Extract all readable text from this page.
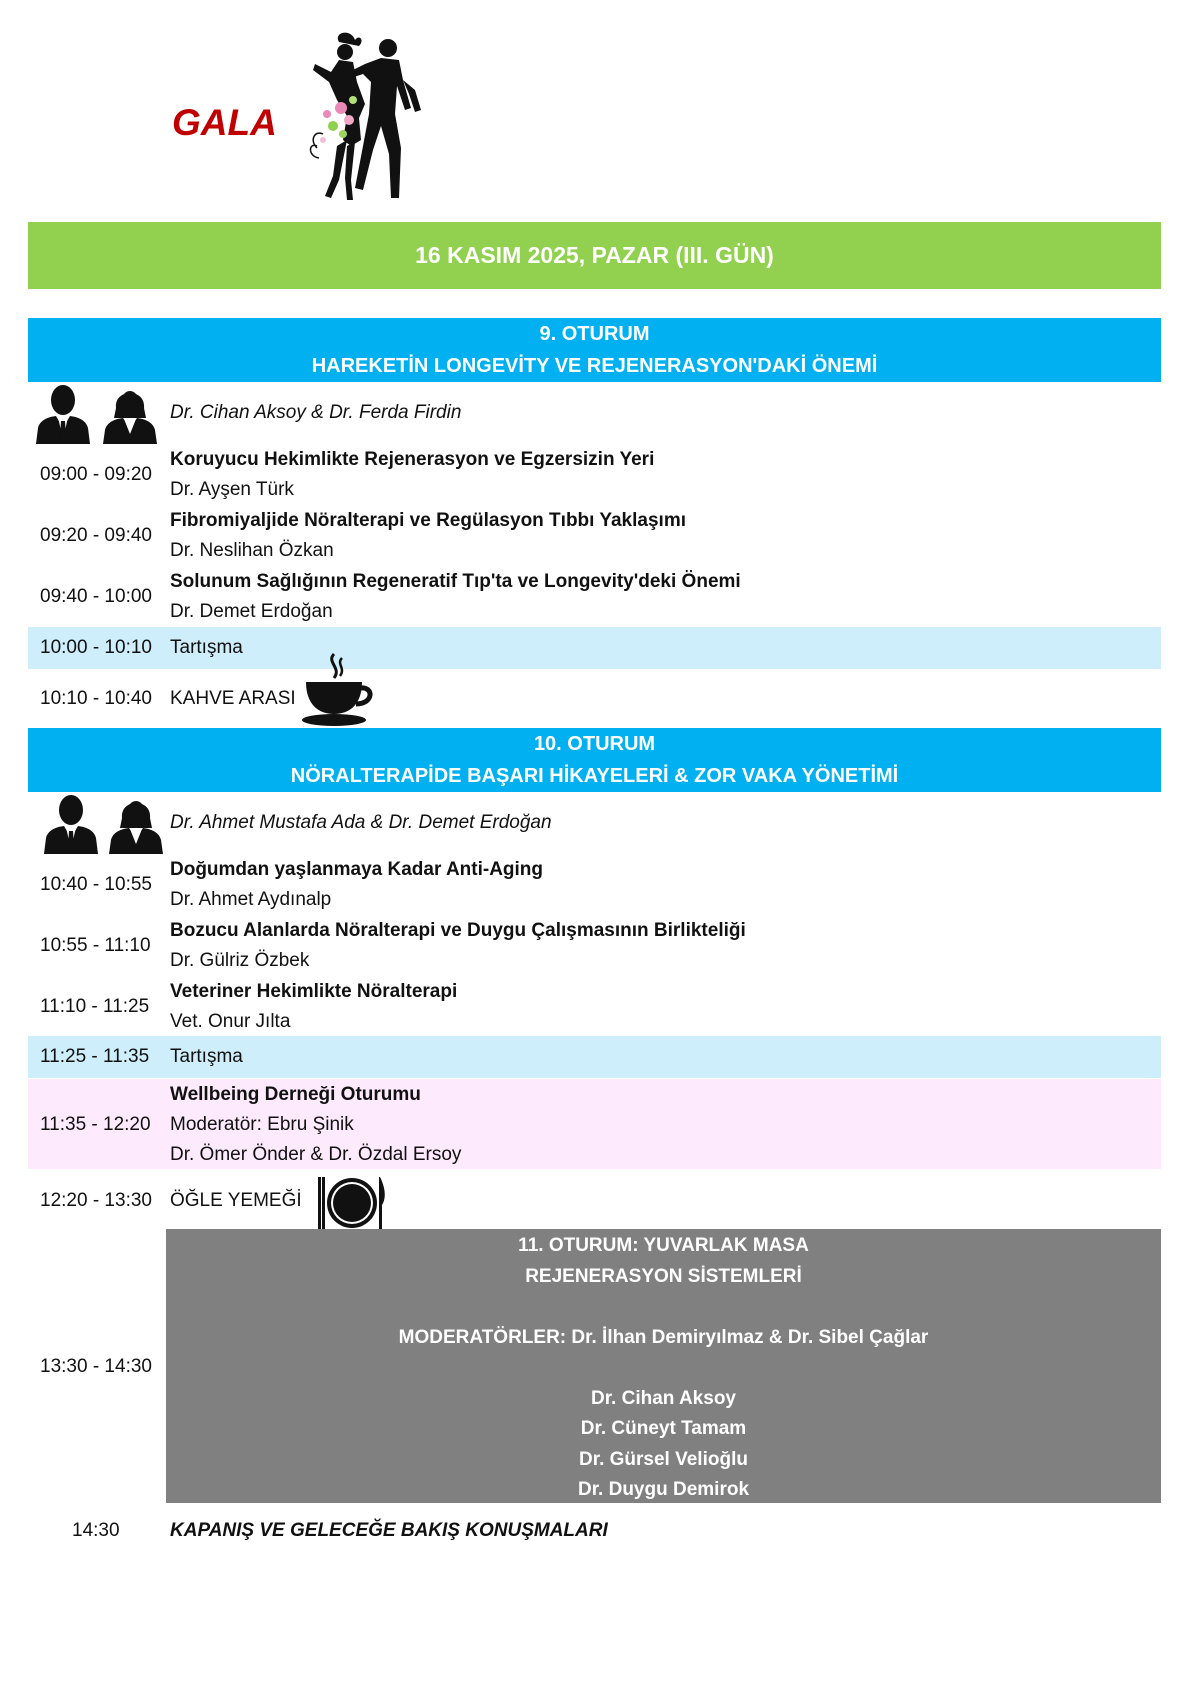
GALA
16 KASIM 2025, PAZAR (III. GÜN)
9. OTURUM
HAREKETİN LONGEVİTY VE REJENERASYON'DAKİ ÖNEMİ
Dr. Cihan Aksoy & Dr. Ferda Firdin
09:00 - 09:20
Koruyucu Hekimlikte Rejenerasyon ve Egzersizin Yeri
Dr. Ayşen Türk
09:20 - 09:40
Fibromiyaljide Nöralterapi ve Regülasyon Tıbbı Yaklaşımı
Dr. Neslihan Özkan
09:40 - 10:00
Solunum Sağlığının Regeneratif Tıp'ta ve Longevity'deki Önemi
Dr. Demet Erdoğan
10:00 - 10:10 Tartışma
10:10 - 10:40 KAHVE ARASI
10. OTURUM
NÖRALTERAPİDE BAŞARI HİKAYELERİ & ZOR VAKA YÖNETİMİ
Dr. Ahmet Mustafa Ada & Dr. Demet Erdoğan
10:40 - 10:55
Doğumdan yaşlanmaya Kadar Anti-Aging
Dr. Ahmet Aydınalp
10:55 - 11:10
Bozucu Alanlarda Nöralterapi ve Duygu Çalışmasının Birlikteliği
Dr. Gülriz Özbek
11:10 - 11:25
Veteriner Hekimlikte Nöralterapi
Vet. Onur Jılta
11:25 - 11:35 Tartışma
11:35 - 12:20
Wellbeing Derneği Oturumu
Moderatör: Ebru Şinik
Dr. Ömer Önder & Dr. Özdal Ersoy
12:20 - 13:30 ÖĞLE YEMEĞİ
13:30 - 14:30
11. OTURUM: YUVARLAK MASA
REJENERASYON SİSTEMLERİ
MODERATÖRLER: Dr. İlhan Demiryılmaz & Dr. Sibel Çağlar
Dr. Cihan Aksoy
Dr. Cüneyt Tamam
Dr. Gürsel Velioğlu
Dr. Duygu Demirok
14:30	KAPANIŞ VE GELECEĞE BAKIŞ KONUŞMALARI
